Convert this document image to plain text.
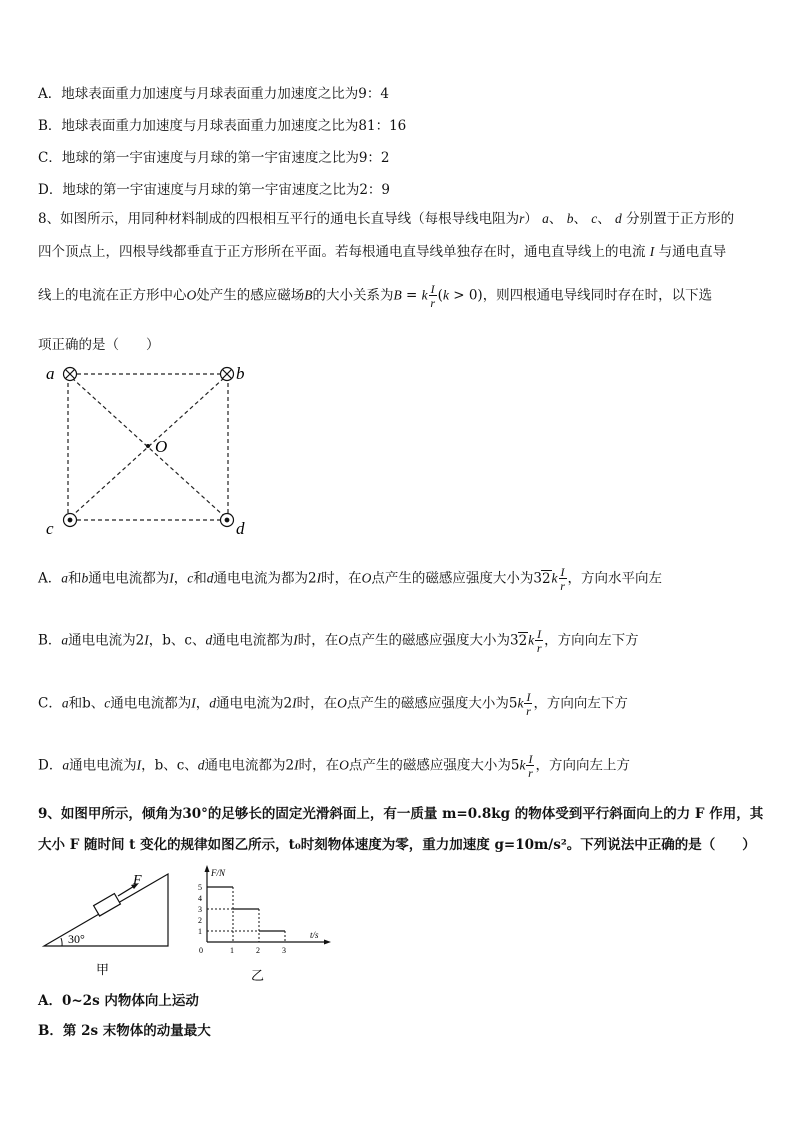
A．地球表面重力加速度与月球表面重力加速度之比为9：4
B．地球表面重力加速度与月球表面重力加速度之比为81：16
C．地球的第一宇宙速度与月球的第一宇宙速度之比为9：2
D．地球的第一宇宙速度与月球的第一宇宙速度之比为2：9
8、如图所示，用同种材料制成的四根相互平行的通电长直导线（每根导线电阻为r） a、 b、 c、 d 分别置于正方形的
四个顶点上，四根导线都垂直于正方形所在平面。若每根通电直导线单独存在时，通电直导线上的电流 I 与通电直导
线上的电流在正方形中心O处产生的感应磁场B的大小关系为B = k $\frac{I}{r} (k > 0)$，则四根通电导线同时存在时，以下选
项正确的是（　　）
a	b
c	d
O
A．a和b通电电流都为I，c和d通电电流为都为2I时，在O点产生的磁感应强度大小为$32k \frac{I}{r}$ ，方向水平向左
B．a通电电流为2I，b、c、d通电电流都为I时，在O点产生的磁感应强度大小为$32k \frac{I}{r}$ ，方向向左下方
C．a和b、c通电电流都为I，d通电电流为2I时，在O点产生的磁感应强度大小为$5k \frac{I}{r}$ ，方向向左下方
D．a通电电流为I，b、c、d通电电流都为2I时，在O点产生的磁感应强度大小为$5k \frac{I}{r}$ ，方向向左上方
9、如图甲所示，倾角为30°的足够长的固定光滑斜面上，有一质量 m=0.8kg 的物体受到平行斜面向上的力 F 作用，其
大小 F 随时间 t 变化的规律如图乙所示，t₀时刻物体速度为零，重力加速度 g=10m/s²。下列说法中正确的是（　　）
F
30°
甲
F/N
t/s
5
4
3
2
1
0	1	2	3
乙
A．0~2s 内物体向上运动
B．第 2s 末物体的动量最大
